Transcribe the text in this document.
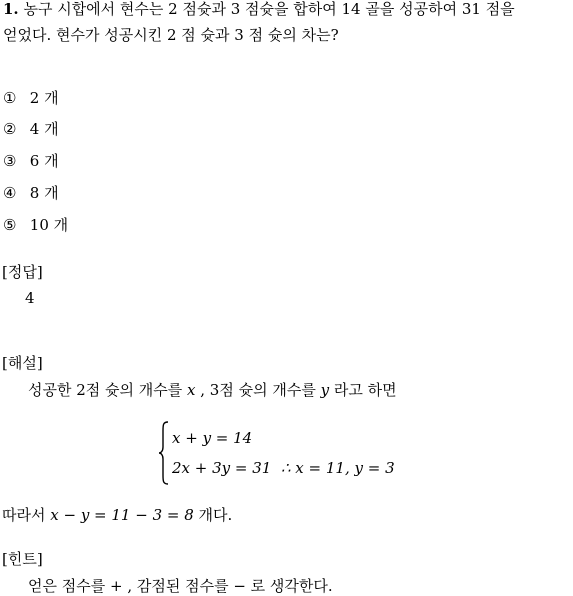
1. 농구 시합에서 현수는 2 점슛과 3 점슛을 합하여 14 골을 성공하여 31 점을
얻었다. 현수가 성공시킨 2 점 슛과 3 점 슛의 차는?
① 2 개
② 4 개
③ 6 개
④ 8 개
⑤ 10 개
[정답]
4
[해설]
성공한 2점 슛의 개수를 x , 3점 슛의 개수를 y 라고 하면
x + y = 14
2x + 3y = 31 ∴ x = 11, y = 3
따라서 x − y = 11 − 3 = 8 개다.
[힌트]
얻은 점수를 + , 감점된 점수를 − 로 생각한다.
